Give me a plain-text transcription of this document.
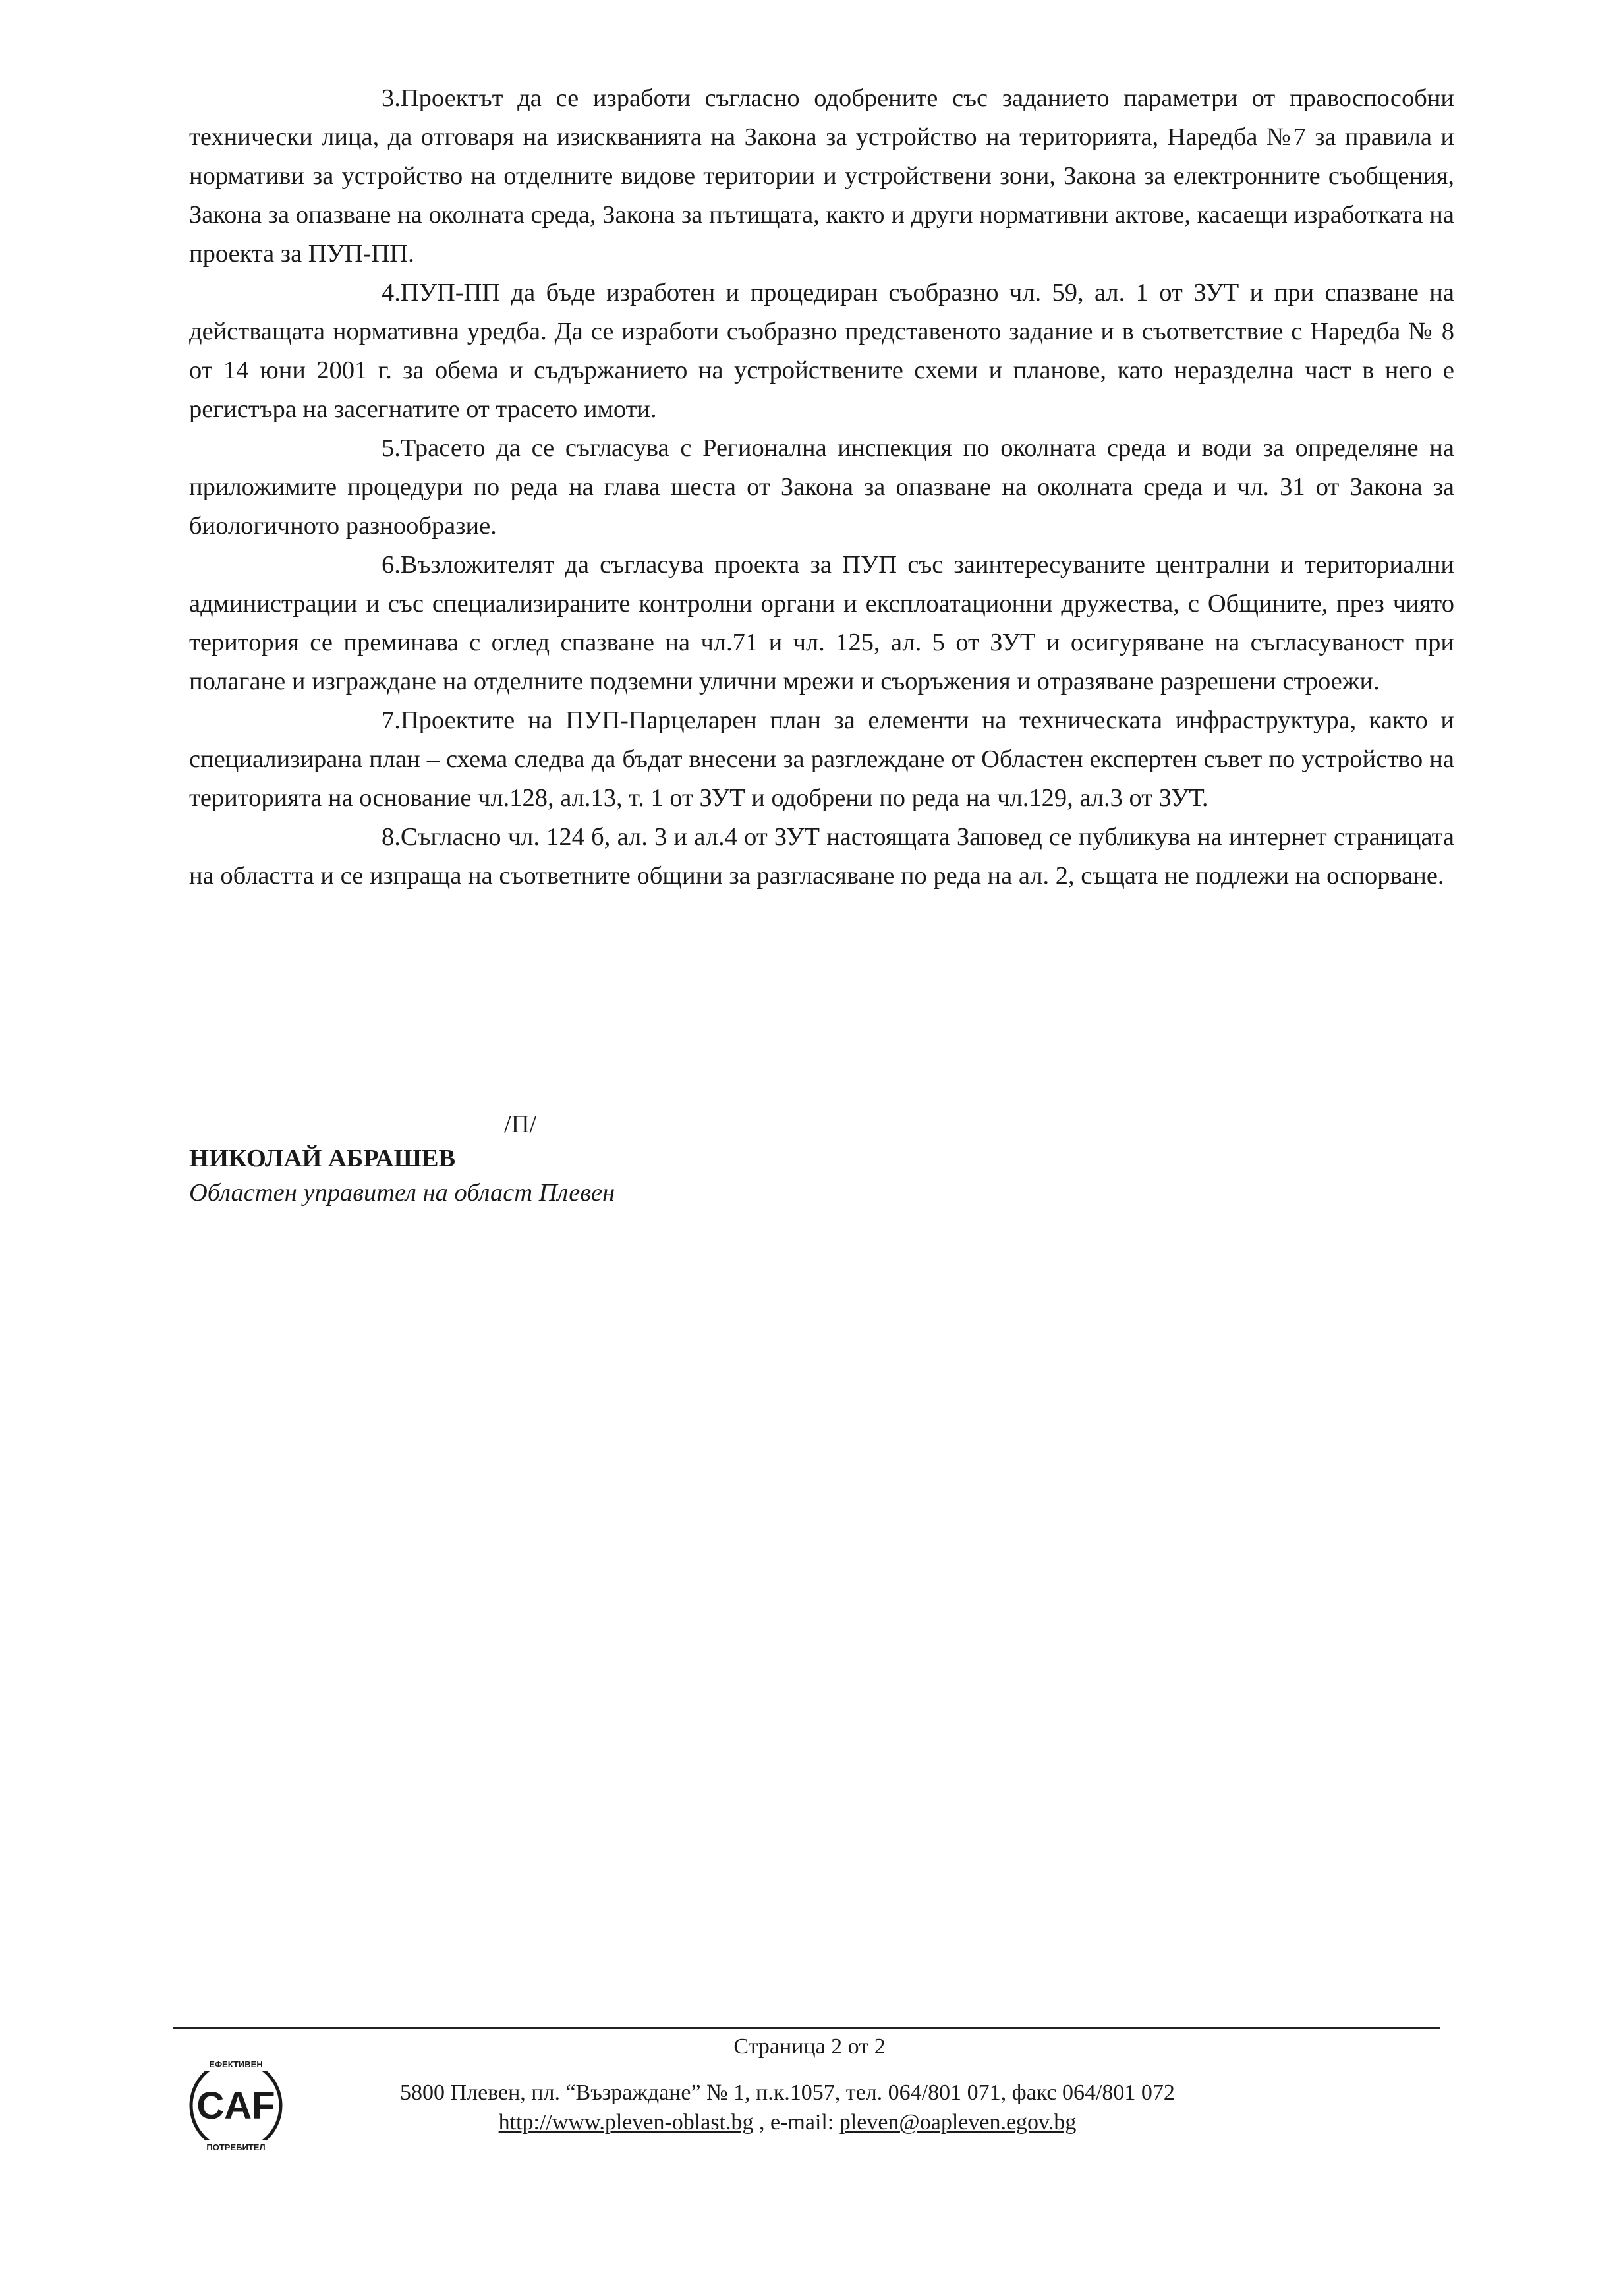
3.Проектът да се изработи съгласно одобрените със заданието параметри от правоспособни технически лица, да отговаря на изискванията на Закона за устройство на територията, Наредба №7 за правила и нормативи за устройство на отделните видове територии и устройствени зони, Закона за електронните съобщения, Закона за опазване на околната среда, Закона за пътищата, както и други нормативни актове, касаещи изработката на проекта за ПУП-ПП.

4.ПУП-ПП да бъде изработен и процедиран съобразно чл. 59, ал. 1 от ЗУТ и при спазване на действащата нормативна уредба. Да се изработи съобразно представеното задание и в съответствие с Наредба № 8 от 14 юни 2001 г. за обема и съдържанието на устройствените схеми и планове, като неразделна част в него е регистъра на засегнатите от трасето имоти.

5.Трасето да се съгласува с Регионална инспекция по околната среда и води за определяне на приложимите процедури по реда на глава шеста от Закона за опазване на околната среда и чл. 31 от Закона за биологичното разнообразие.

6.Възложителят да съгласува проекта за ПУП със заинтересуваните централни и териториални администрации и със специализираните контролни органи и експлоатационни дружества, с Общините, през чиято територия се преминава с оглед спазване на чл.71 и чл. 125, ал. 5 от ЗУТ и осигуряване на съгласуваност при полагане и изграждане на отделните подземни улични мрежи и съоръжения и отразяване разрешени строежи.

7.Проектите на ПУП-Парцеларен план за елементи на техническата инфраструктура, както и специализирана план – схема следва да бъдат внесени за разглеждане от Областен експертен съвет по устройство на територията на основание чл.128, ал.13, т. 1 от ЗУТ и одобрени по реда на чл.129, ал.3 от ЗУТ.

8.Съгласно чл. 124 б, ал. 3 и ал.4 от ЗУТ настоящата Заповед се публикува на интернет страницата на областта и се изпраща на съответните общини за разгласяване по реда на ал. 2, същата не подлежи на оспорване.

/П/
НИКОЛАЙ АБРАШЕВ
Областен управител на област Плевен
Страница 2 от 2
ЕФЕКТИВЕН
CAF
ПОТРЕБИТЕЛ
5800 Плевен, пл. “Възраждане” № 1, п.к.1057, тел. 064/801 071, факс 064/801 072
http://www.pleven-oblast.bg , e-mail: pleven@oapleven.egov.bg
